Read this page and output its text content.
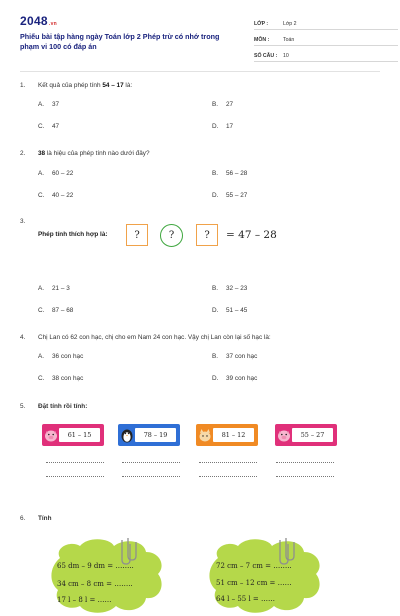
2048.vn
Phiếu bài tập hàng ngày Toán lớp 2 Phép trừ có nhớ trong phạm vi 100 có đáp án
LỚP :	Lớp 2
MÔN :	Toán
SỐ CÂU :	10
1. Kết quả của phép tính 54 – 17 là:
A. 37	B. 27
C. 47	D. 17
2. 38 là hiệu của phép tính nào dưới đây?
A. 60 – 22	B. 56 – 28
C. 40 – 22	D. 55 – 27
3.
Phép tính thích hợp là:	?	?	?	= 47 – 28
A. 21 – 3	B. 32 – 23
C. 87 – 68	D. 51 – 45
4. Chị Lan có 62 con hạc, chị cho em Nam 24 con hạc. Vậy chị Lan còn lại số hạc là:
A. 36 con hạc	B. 37 con hạc
C. 38 con hạc	D. 39 con hạc
5. Đặt tính rồi tính:
61 – 15	78 – 19	81 – 12	55 – 27
6. Tính
65 dm – 9 dm = ……..
34 cm – 8 cm = ……..
17 l – 8 l = ……
72 cm – 7 cm = ……..
51 cm – 12 cm = ……
64 l – 55 l = ……
